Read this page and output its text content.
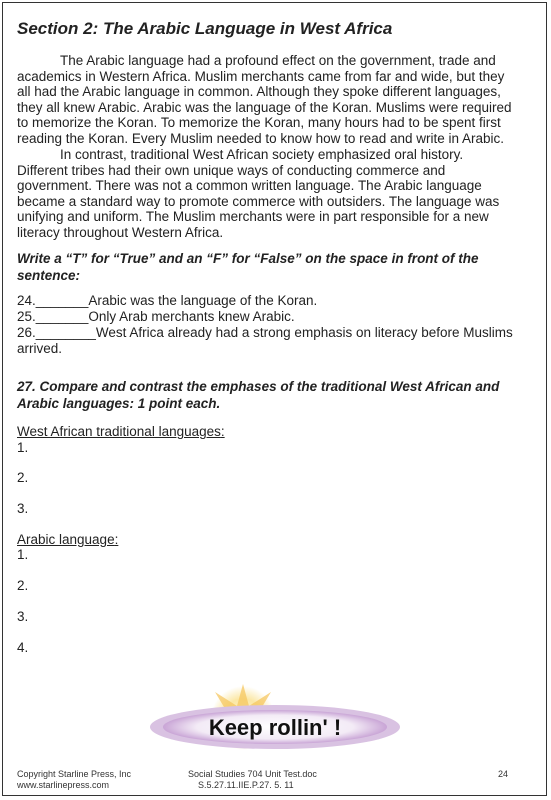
Section 2: The Arabic Language in West Africa

The Arabic language had a profound effect on the government, trade and academics in Western Africa. Muslim merchants came from far and wide, but they all had the Arabic language in common. Although they spoke different languages, they all knew Arabic. Arabic was the language of the Koran. Muslims were required to memorize the Koran. To memorize the Koran, many hours had to be spent first reading the Koran. Every Muslim needed to know how to read and write in Arabic.

In contrast, traditional West African society emphasized oral history. Different tribes had their own unique ways of conducting commerce and government. There was not a common written language. The Arabic language became a standard way to promote commerce with outsiders. The language was unifying and uniform. The Muslim merchants were in part responsible for a new literacy throughout Western Africa.

Write a “T” for “True” and an “F” for “False” on the space in front of the sentence:

24._______Arabic was the language of the Koran.

25._______Only Arab merchants knew Arabic.

26.________West Africa already had a strong emphasis on literacy before Muslims arrived.

27. Compare and contrast the emphases of the traditional West African and Arabic languages: 1 point each.

West African traditional languages:
1.
2.
3.
Arabic language:
1.
2.
3.
4.
Keep rollin' !
Copyright Starline Press, Inc
www.starlinepress.com
Social Studies 704 Unit Test.doc
S.5.27.11.IIE.P.27. 5. 11
24
